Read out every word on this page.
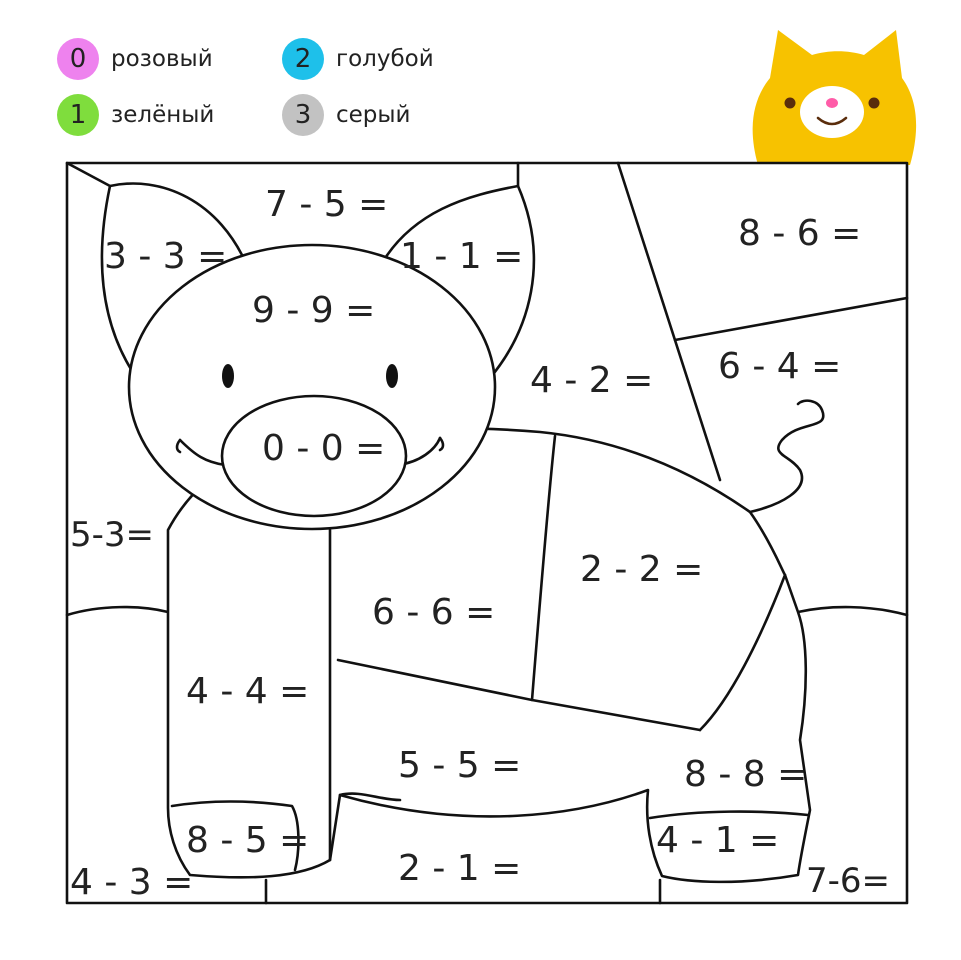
0	розовый
1	зелёный
2	голубой
3	серый
7 - 5 =
3 - 3 =	1 - 1 =
9 - 9 =
0 - 0 =
8 - 6 =
6 - 4 =
4 - 2 =
5-3=
2 - 2 =
6 - 6 =
4 - 4 =
5 - 5 =	8 - 8 =
8 - 5 =	4 - 1 =
4 - 3 =	2 - 1 =	7-6=
